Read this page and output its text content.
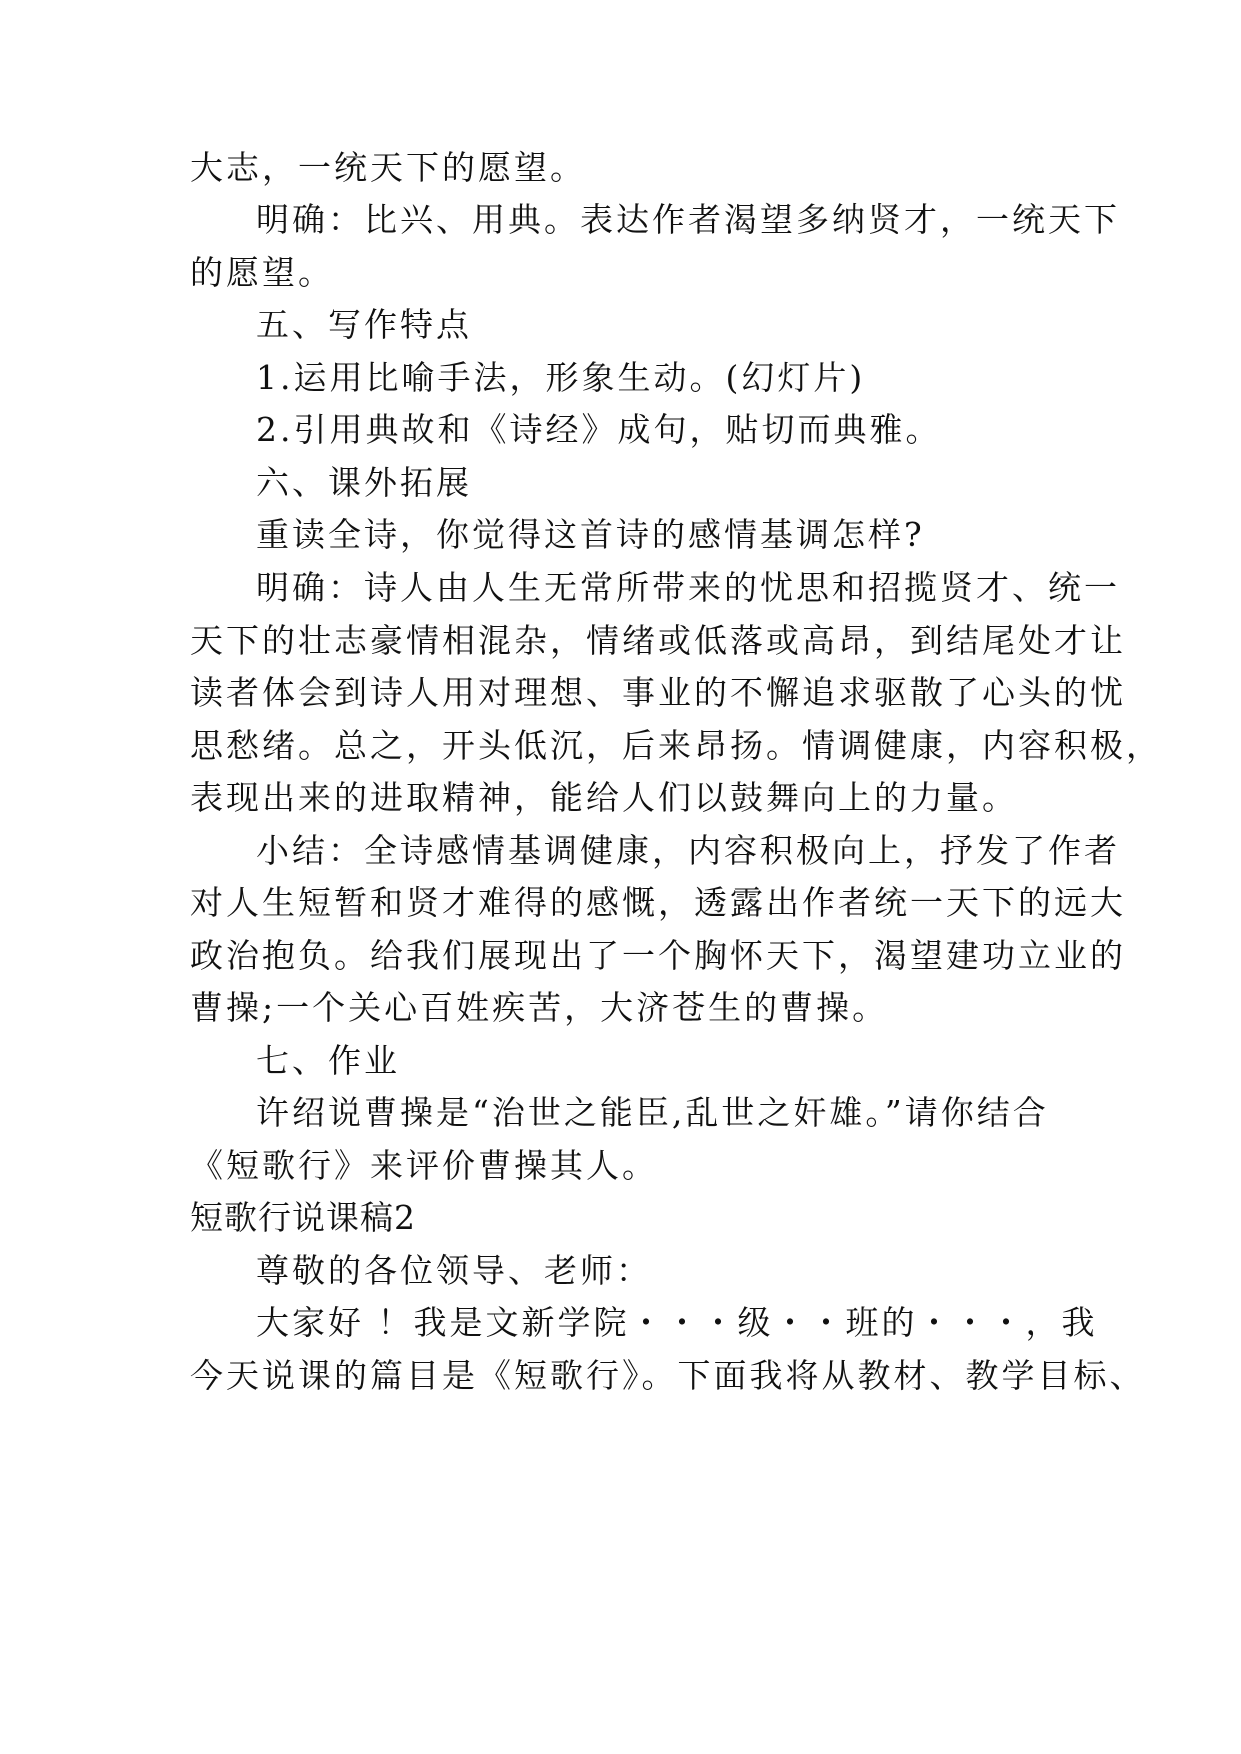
大志，一统天下的愿望。
明确：比兴、用典。表达作者渴望多纳贤才，一统天下
的愿望。
五、写作特点
1.运用比喻手法，形象生动。(幻灯片)
2.引用典故和《诗经》成句，贴切而典雅。
六、课外拓展
重读全诗，你觉得这首诗的感情基调怎样?
明确：诗人由人生无常所带来的忧思和招揽贤才、统一
天下的壮志豪情相混杂，情绪或低落或高昂，到结尾处才让
读者体会到诗人用对理想、事业的不懈追求驱散了心头的忧
思愁绪。总之，开头低沉，后来昂扬。情调健康，内容积极，
表现出来的进取精神，能给人们以鼓舞向上的力量。
小结：全诗感情基调健康，内容积极向上，抒发了作者
对人生短暂和贤才难得的感慨，透露出作者统一天下的远大
政治抱负。给我们展现出了一个胸怀天下，渴望建功立业的
曹操;一个关心百姓疾苦，大济苍生的曹操。
七、作业
许绍说曹操是“治世之能臣,乱世之奸雄。”请你结合
《短歌行》来评价曹操其人。
短歌行说课稿2
尊敬的各位领导、老师：
大家好 ！我是文新学院・・・级・・班的・・・，我
今天说课的篇目是《短歌行》。下面我将从教材、教学目标、
